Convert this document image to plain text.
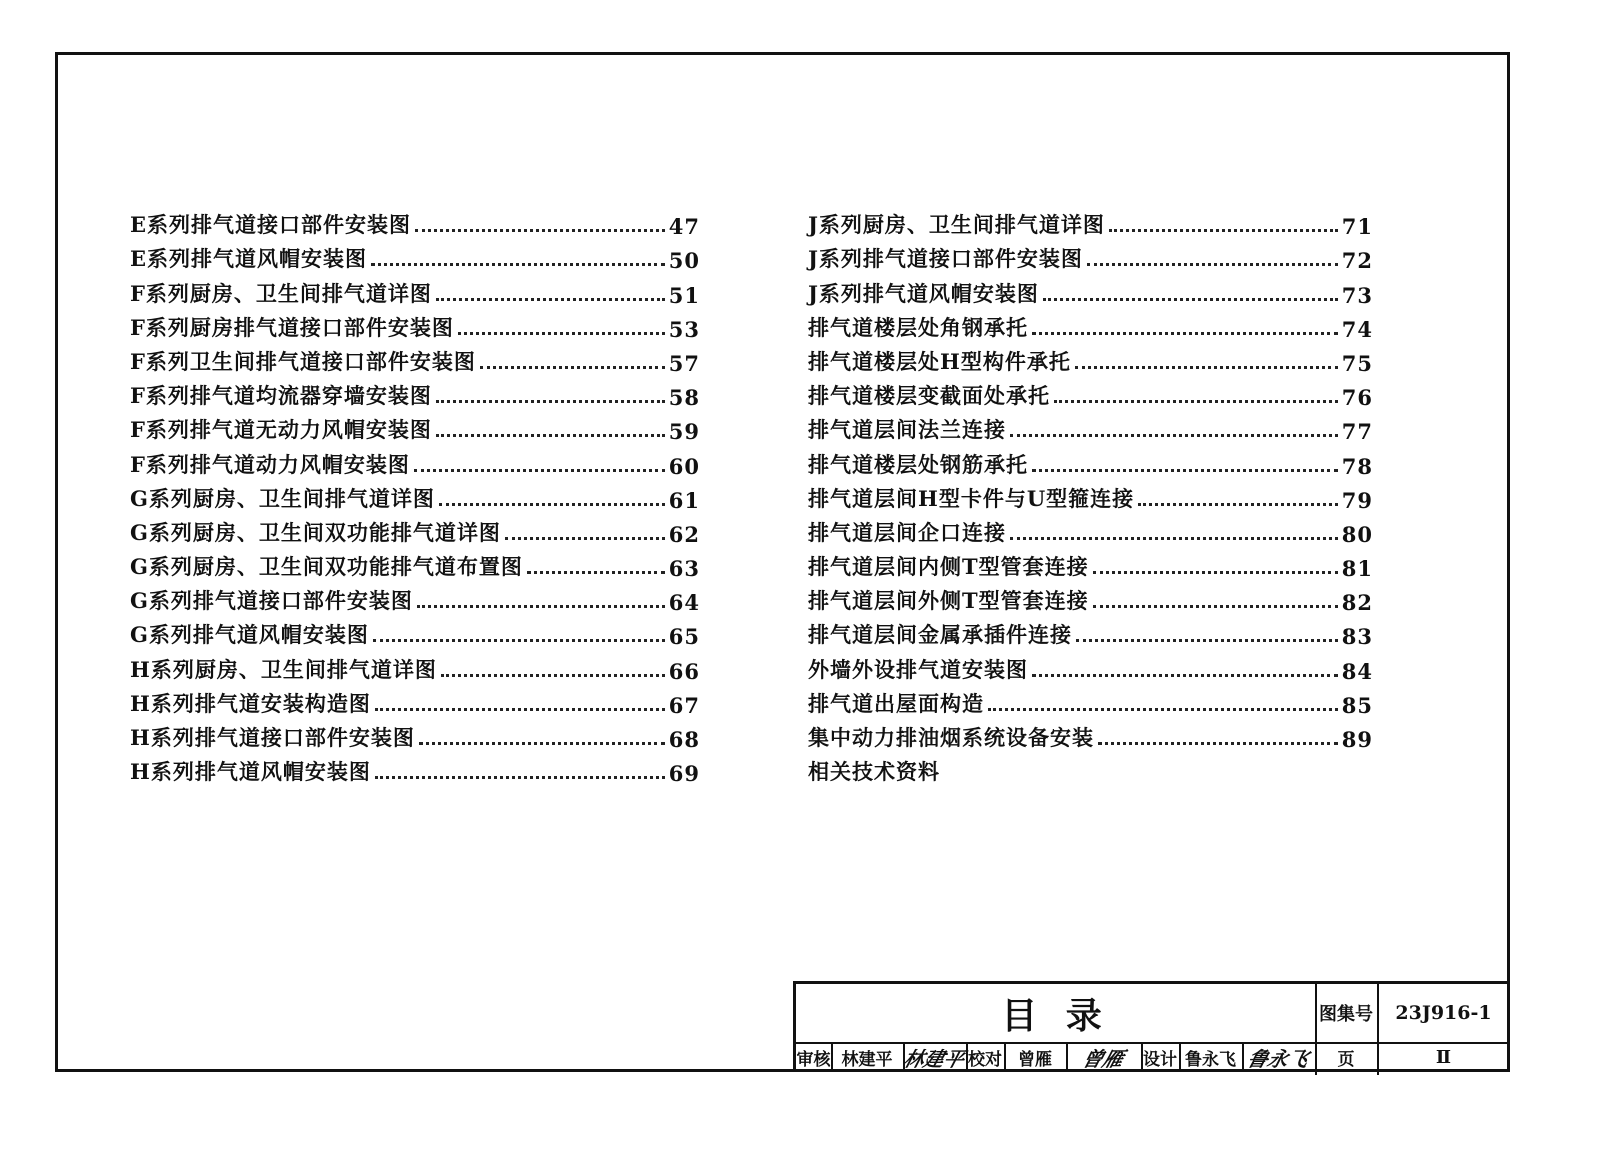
E系列排气道接口部件安装图	47
E系列排气道风帽安装图	50
F系列厨房、卫生间排气道详图	51
F系列厨房排气道接口部件安装图	53
F系列卫生间排气道接口部件安装图	57
F系列排气道均流器穿墙安装图	58
F系列排气道无动力风帽安装图	59
F系列排气道动力风帽安装图	60
G系列厨房、卫生间排气道详图	61
G系列厨房、卫生间双功能排气道详图	62
G系列厨房、卫生间双功能排气道布置图	63
G系列排气道接口部件安装图	64
G系列排气道风帽安装图	65
H系列厨房、卫生间排气道详图	66
H系列排气道安装构造图	67
H系列排气道接口部件安装图	68
H系列排气道风帽安装图	69
J系列厨房、卫生间排气道详图	71
J系列排气道接口部件安装图	72
J系列排气道风帽安装图	73
排气道楼层处角钢承托	74
排气道楼层处H型构件承托	75
排气道楼层变截面处承托	76
排气道层间法兰连接	77
排气道楼层处钢筋承托	78
排气道层间H型卡件与U型箍连接	79
排气道层间企口连接	80
排气道层间内侧T型管套连接	81
排气道层间外侧T型管套连接	82
排气道层间金属承插件连接	83
外墙外设排气道安装图	84
排气道出屋面构造	85
集中动力排油烟系统设备安装	89
相关技术资料
目 录	图集号	23J916-1
审核 林建平 林建平 校对 曾雁	曾雁 设计 鲁永飞 鲁永飞	页	Ⅱ
